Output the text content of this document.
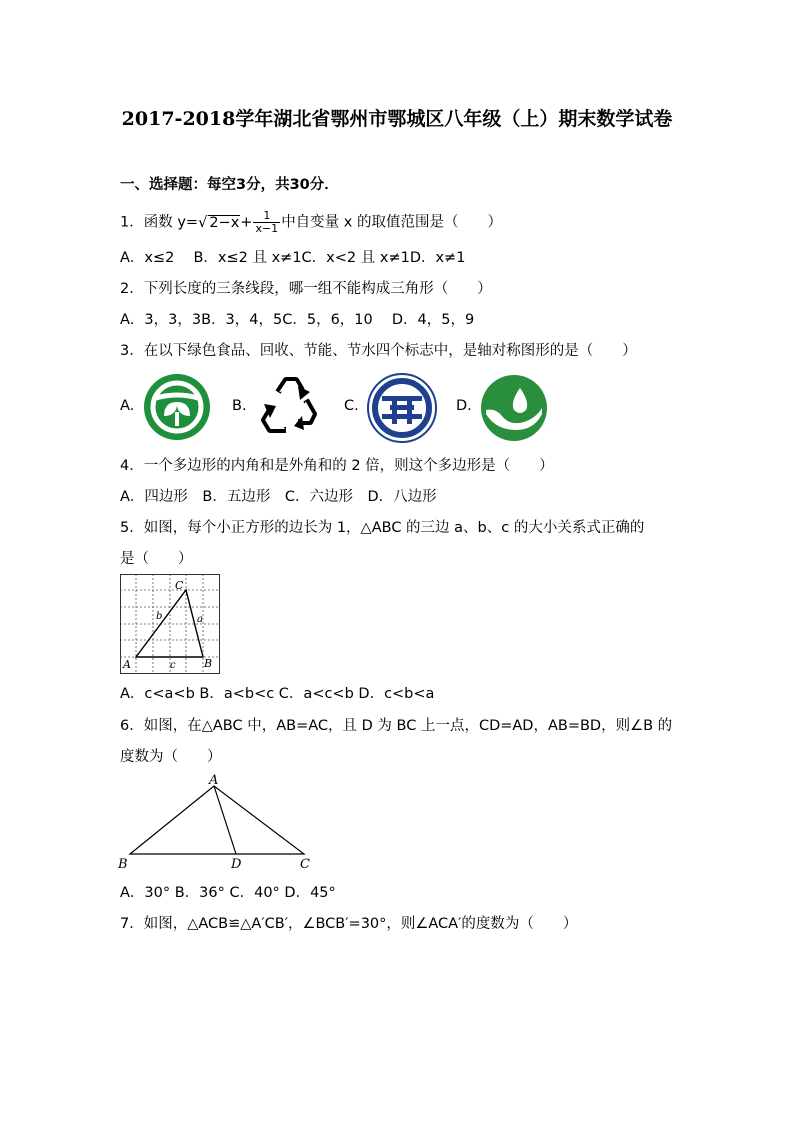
2017-2018学年湖北省鄂州市鄂城区八年级（上）期末数学试卷
一、选择题：每空3分，共30分．
1．函数 y=√ $2-x+ \frac{1}{x-1}$ 中自变量 x 的取值范围是（　　）
A．x≤2　 B．x≤2 且 x≠1C．x<2 且 x≠1D．x≠1
2．下列长度的三条线段，哪一组不能构成三角形（　　）
A．3，3，3B．3，4，5C．5，6，10　 D．4，5，9
3．在以下绿色食品、回收、节能、节水四个标志中，是轴对称图形的是（　　）
A.	B.	C.	D.
4．一个多边形的内角和是外角和的 2 倍，则这个多边形是（　　）
A．四边形　B．五边形　C．六边形　D．八边形
5．如图，每个小正方形的边长为 1，△ABC 的三边 a、b、c 的大小关系式正确的
是（　　）
A	B
C
a
b
c
A．c<a<b B．a<b<c C．a<c<b D．c<b<a
6．如图，在△ABC 中，AB=AC，且 D 为 BC 上一点，CD=AD，AB=BD，则∠B 的
度数为（　　）
A
B	C
D
A．30° B．36° C．40° D．45°
7．如图，△ACB≌△A′CB′，∠BCB′=30°，则∠ACA′的度数为（　　）
